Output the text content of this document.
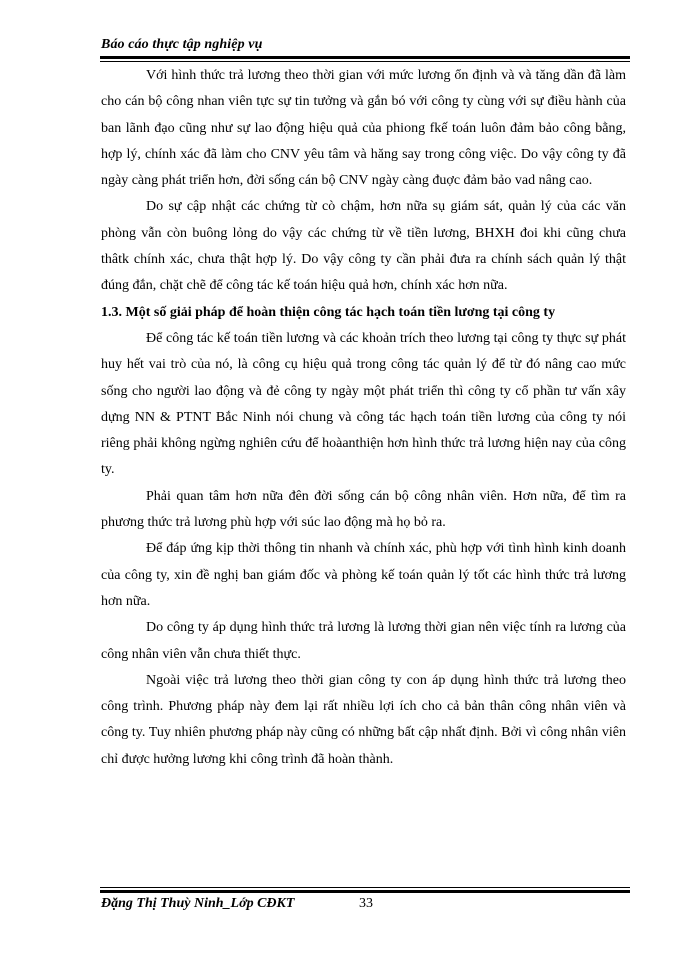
Báo cáo thực tập nghiệp vụ

Với hình thức trả lương theo thời gian với mức lương ổn định và và tăng dần đã làm cho cán bộ công nhan viên tực sự tin tưởng và gắn bó với công ty cùng với sự điều hành của ban lãnh đạo cũng như sự lao động hiệu quả của phiong fkế toán luôn đảm bảo công bằng, hợp lý, chính xác đã làm cho CNV yêu tâm và hăng say trong công việc. Do vậy công ty đã ngày càng phát triển hơn, đời sống cán bộ CNV ngày càng đuợc đảm bảo vad nâng cao.

Do sự cập nhật các chứng từ cò chậm, hơn nữa sụ giám sát, quản lý của các văn phòng vẫn còn buông lỏng do vậy các chứng từ về tiền lương, BHXH đoi khi cũng chưa thâtk chính xác, chưa thật hợp lý. Do vậy công ty cần phải đưa ra chính sách quản lý thật đúng đắn, chặt chẽ để công tác kế toán hiệu quả hơn, chính xác hơn nữa.

1.3. Một số giải pháp để hoàn thiện công tác hạch toán tiền lương tại công ty

Để công tác kế toán tiền lương và các khoản trích theo lương tại công ty thực sự phát huy hết vai trò của nó, là công cụ hiệu quả trong công tác quản lý để từ đó nâng cao mức sống cho người lao động và đẻ công ty ngày một phát triển thì công ty cổ phần tư vấn xây dựng NN & PTNT Bắc Ninh nói chung và công tác hạch toán tiền lương của công ty nói riêng phải không ngừng nghiên cứu để hoàanthiện hơn hình thức trả lương hiện nay của công ty.

Phải quan tâm hơn nữa đên đời sống cán bộ công nhân viên. Hơn nữa, để tìm ra phương thức trả lương phù hợp với súc lao động mà họ bỏ ra.

Để đáp ứng kịp thời thông tin nhanh và chính xác, phù hợp với tình hình kinh doanh của công ty, xin đề nghị ban giám đốc và phòng kế toán quản lý tốt các hình thức trả lương hơn nữa.

Do công ty áp dụng hình thức trả lương là lương thời gian nên việc tính ra lương của công nhân viên vẫn chưa thiết thực.

Ngoài việc trả lương theo thời gian công ty con áp dụng hình thức trả lương theo công trình. Phương pháp này đem lại rất nhiều lợi ích cho cả bản thân công nhân viên và công ty. Tuy nhiên phương pháp này cũng có những bất cập nhất định. Bởi vì công nhân viên chỉ được hưởng lương khi công trình đã hoàn thành.

Đặng Thị Thuỳ Ninh_Lớp CĐKT	33
